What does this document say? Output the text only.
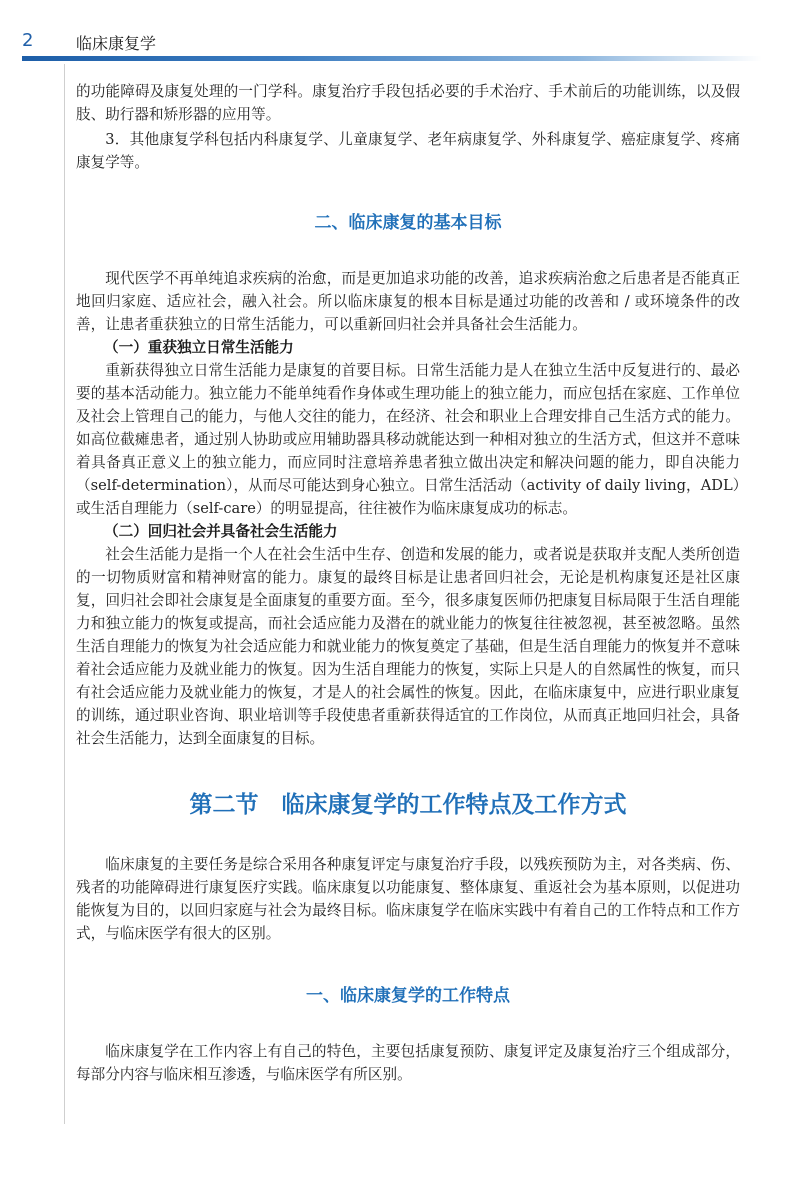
2	临床康复学

的功能障碍及康复处理的一门学科。康复治疗手段包括必要的手术治疗、手术前后的功能训练，以及假肢、助行器和矫形器的应用等。

3．其他康复学科包括内科康复学、儿童康复学、老年病康复学、外科康复学、癌症康复学、疼痛康复学等。

二、临床康复的基本目标

现代医学不再单纯追求疾病的治愈，而是更加追求功能的改善，追求疾病治愈之后患者是否能真正地回归家庭、适应社会，融入社会。所以临床康复的根本目标是通过功能的改善和 / 或环境条件的改善，让患者重获独立的日常生活能力，可以重新回归社会并具备社会生活能力。

（一）重获独立日常生活能力

重新获得独立日常生活能力是康复的首要目标。日常生活能力是人在独立生活中反复进行的、最必要的基本活动能力。独立能力不能单纯看作身体或生理功能上的独立能力，而应包括在家庭、工作单位及社会上管理自己的能力，与他人交往的能力，在经济、社会和职业上合理安排自己生活方式的能力。如高位截瘫患者，通过别人协助或应用辅助器具移动就能达到一种相对独立的生活方式，但这并不意味着具备真正意义上的独立能力，而应同时注意培养患者独立做出决定和解决问题的能力，即自决能力（self-determination），从而尽可能达到身心独立。日常生活活动（activity of daily living，ADL）或生活自理能力（self-care）的明显提高，往往被作为临床康复成功的标志。

（二）回归社会并具备社会生活能力

社会生活能力是指一个人在社会生活中生存、创造和发展的能力，或者说是获取并支配人类所创造的一切物质财富和精神财富的能力。康复的最终目标是让患者回归社会，无论是机构康复还是社区康复，回归社会即社会康复是全面康复的重要方面。至今，很多康复医师仍把康复目标局限于生活自理能力和独立能力的恢复或提高，而社会适应能力及潜在的就业能力的恢复往往被忽视，甚至被忽略。虽然生活自理能力的恢复为社会适应能力和就业能力的恢复奠定了基础，但是生活自理能力的恢复并不意味着社会适应能力及就业能力的恢复。因为生活自理能力的恢复，实际上只是人的自然属性的恢复，而只有社会适应能力及就业能力的恢复，才是人的社会属性的恢复。因此，在临床康复中，应进行职业康复的训练，通过职业咨询、职业培训等手段使患者重新获得适宜的工作岗位，从而真正地回归社会，具备社会生活能力，达到全面康复的目标。

第二节　临床康复学的工作特点及工作方式

临床康复的主要任务是综合采用各种康复评定与康复治疗手段，以残疾预防为主，对各类病、伤、残者的功能障碍进行康复医疗实践。临床康复以功能康复、整体康复、重返社会为基本原则，以促进功能恢复为目的，以回归家庭与社会为最终目标。临床康复学在临床实践中有着自己的工作特点和工作方式，与临床医学有很大的区别。

一、临床康复学的工作特点

临床康复学在工作内容上有自己的特色，主要包括康复预防、康复评定及康复治疗三个组成部分，每部分内容与临床相互渗透，与临床医学有所区别。
